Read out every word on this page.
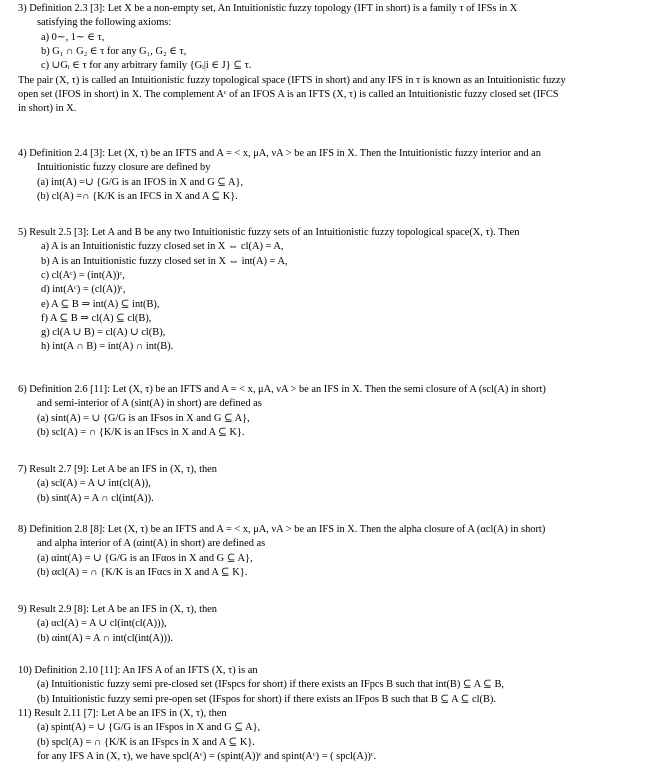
3) Definition 2.3 [3]: Let X be a non-empty set, An Intuitionistic fuzzy topology (IFT in short) is a family τ of IFSs in X
satisfying the following axioms:
a) 0∼, 1∼ ∈ τ,
b) G₁ ∩ G₂ ∈ τ for any G₁, G₂ ∈ τ,
c) ∪Gᵢ ∈ τ for any arbitrary family {Gᵢ|i ∈ J} ⊆ τ.
The pair (X, τ) is called an Intuitionistic fuzzy topological space (IFTS in short) and any IFS in τ is known as an Intuitionistic fuzzy
open set (IFOS in short) in X. The complement Aᶜ of an IFOS A is an IFTS (X, τ) is called an Intuitionistic fuzzy closed set (IFCS
in short) in X.
4) Definition 2.4 [3]: Let (X, τ) be an IFTS and A = < x, μA, νA > be an IFS in X. Then the Intuitionistic fuzzy interior and an
Intuitionistic fuzzy closure are defined by
(a) int(A) =∪ {G/G is an IFOS in X and G ⊆ A},
(b) cl(A) =∩ {K/K is an IFCS in X and A ⊆ K}.
5) Result 2.5 [3]: Let A and B be any two Intuitionistic fuzzy sets of an Intuitionistic fuzzy topological space(X, τ). Then
a) A is an Intuitionistic fuzzy closed set in X ⇔ cl(A) = A,
b) A is an Intuitionistic fuzzy closed set in X ⇔ int(A) = A,
c) cl(Aᶜ) = (int(A))ᶜ,
d) int(Aᶜ) = (cl(A))ᶜ,
e) A ⊆ B ⇒ int(A) ⊆ int(B),
f) A ⊆ B ⇒ cl(A) ⊆ cl(B),
g) cl(A ∪ B) = cl(A) ∪ cl(B),
h) int(A ∩ B) = int(A) ∩ int(B).
6) Definition 2.6 [11]: Let (X, τ) be an IFTS and A = < x, μA, νA > be an IFS in X. Then the semi closure of A (scl(A) in short)
and semi-interior of A (sint(A) in short) are defined as
(a) sint(A) = ∪ {G/G is an IFsos in X and G ⊆ A},
(b) scl(A) = ∩ {K/K is an IFscs in X and A ⊆ K}.
7) Result 2.7 [9]: Let A be an IFS in (X, τ), then
(a) scl(A) = A ∪ int(cl(A)),
(b) sint(A) = A ∩ cl(int(A)).
8) Definition 2.8 [8]: Let (X, τ) be an IFTS and A = < x, μA, νA > be an IFS in X. Then the alpha closure of A (αcl(A) in short)
and alpha interior of A (αint(A) in short) are defined as
(a) αint(A) = ∪ {G/G is an IFαos in X and G ⊆ A},
(b) αcl(A) = ∩ {K/K is an IFαcs in X and A ⊆ K}.
9) Result 2.9 [8]: Let A be an IFS in (X, τ), then
(a) αcl(A) = A ∪ cl(int(cl(A))),
(b) αint(A) = A ∩ int(cl(int(A))).
10) Definition 2.10 [11]: An IFS A of an IFTS (X, τ) is an
(a) Intuitionistic fuzzy semi pre-closed set (IFspcs for short) if there exists an IFpcs B such that int(B) ⊆ A ⊆ B,
(b) Intuitionistic fuzzy semi pre-open set (IFspos for short) if there exists an IFpos B such that B ⊆ A ⊆ cl(B).
11) Result 2.11 [7]: Let A be an IFS in (X, τ), then
(a) spint(A) = ∪ {G/G is an IFspos in X and G ⊆ A},
(b) spcl(A) = ∩ {K/K is an IFspcs in X and A ⊆ K}.
for any IFS A in (X, τ), we have spcl(Aᶜ) = (spint(A))ᶜ and spint(Aᶜ) = ( spcl(A))ᶜ.
